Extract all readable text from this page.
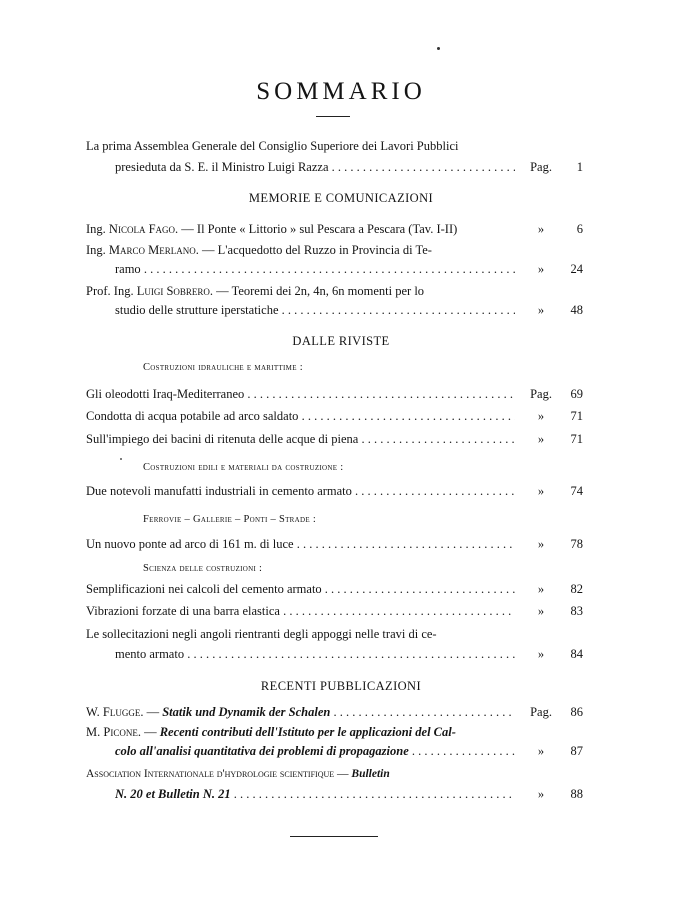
SOMMARIO
La prima Assemblea Generale del Consiglio Superiore dei Lavori Pubblici
presieduta da S. E. il Ministro Luigi Razza . . .	Pag.	1
MEMORIE E COMUNICAZIONI
Ing. Nicola Fago. — Il Ponte « Littorio » sul Pescara a Pescara (Tav. I-II)	»	6
Ing. Marco Merlano. — L'acquedotto del Ruzzo in Provincia di Te-
ramo . . .	»	24
Prof. Ing. Luigi Sobrero. — Teoremi dei 2n, 4n, 6n momenti per lo
studio delle strutture iperstatiche . . .	»	48
DALLE RIVISTE
Costruzioni idrauliche e marittime :
Gli oleodotti Iraq-Mediterraneo . . .	Pag.	69
Condotta di acqua potabile ad arco saldato . . .	»	71
Sull'impiego dei bacini di ritenuta delle acque di piena . . .	»	71
Costruzioni edili e materiali da costruzione :
Due notevoli manufatti industriali in cemento armato . . .	»	74
Ferrovie – Gallerie – Ponti – Strade :
Un nuovo ponte ad arco di 161 m. di luce . . .	»	78
Scienza delle costruzioni :
Semplificazioni nei calcoli del cemento armato . . .	»	82
Vibrazioni forzate di una barra elastica . . .	»	83
Le sollecitazioni negli angoli rientranti degli appoggi nelle travi di ce-
mento armato . . .	»	84
RECENTI PUBBLICAZIONI
W. Flugge. — Statik und Dynamik der Schalen . . .	Pag.	86
M. Picone. — Recenti contributi dell'Istituto per le applicazioni del Cal-
colo all'analisi quantitativa dei problemi di propagazione . . .	»	87
Association Internationale d'hydrologie scientifique — Bulletin
N. 20 et Bulletin N. 21 . . .	»	88
